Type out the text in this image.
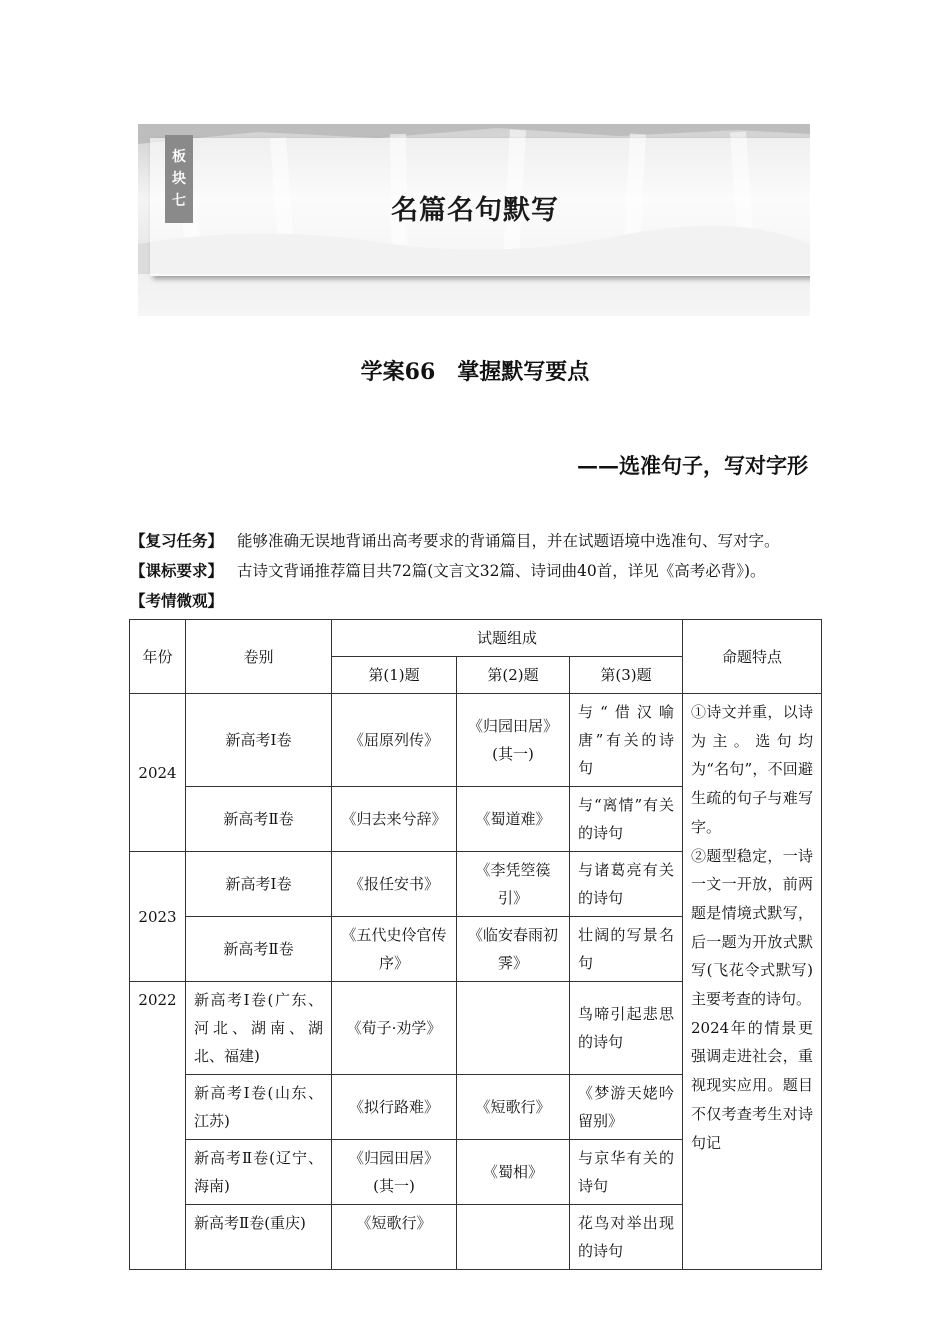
板
块
七	名篇名句默写
学案66 掌握默写要点
——选准句子，写对字形
【复习任务】 能够准确无误地背诵出高考要求的背诵篇目，并在试题语境中选准句、写对字。
【课标要求】 古诗文背诵推荐篇目共72篇(文言文32篇、诗词曲40首，详见《高考必背》)。
【考情微观】
年份	卷别	试题组成			命题特点
		第(1)题	第(2)题	第(3)题	
2024	新高考Ⅰ卷	《屈原列传》	《归园田居》(其一)	与“借汉喻唐”有关的诗句	①诗文并重，以诗为主。选句均为“名句”，不回避生疏的句子与难写字。
②题型稳定，一诗一文一开放，前两题是情境式默写，后一题为开放式默写(飞花令式默写)主要考查的诗句。
2024年的情景更强调走进社会，重视现实应用。题目不仅考查考生对诗句记

	新高考Ⅱ卷	《归去来兮辞》	《蜀道难》	与“离情”有关的诗句	
2023	新高考Ⅰ卷	《报任安书》	《李凭箜篌引》	与诸葛亮有关的诗句	
	新高考Ⅱ卷	《五代史伶官传序》	《临安春雨初霁》	壮阔的写景名句	
2022	新高考Ⅰ卷(广东、河北、湖南、湖北、福建)	《荀子·劝学》		鸟啼引起悲思的诗句	
	新高考Ⅰ卷(山东、江苏)	《拟行路难》	《短歌行》	《梦游天姥吟留别》	
	新高考Ⅱ卷(辽宁、海南)	《归园田居》(其一)	《蜀相》	与京华有关的诗句	
	新高考Ⅱ卷(重庆)	《短歌行》		花鸟对举出现的诗句	
